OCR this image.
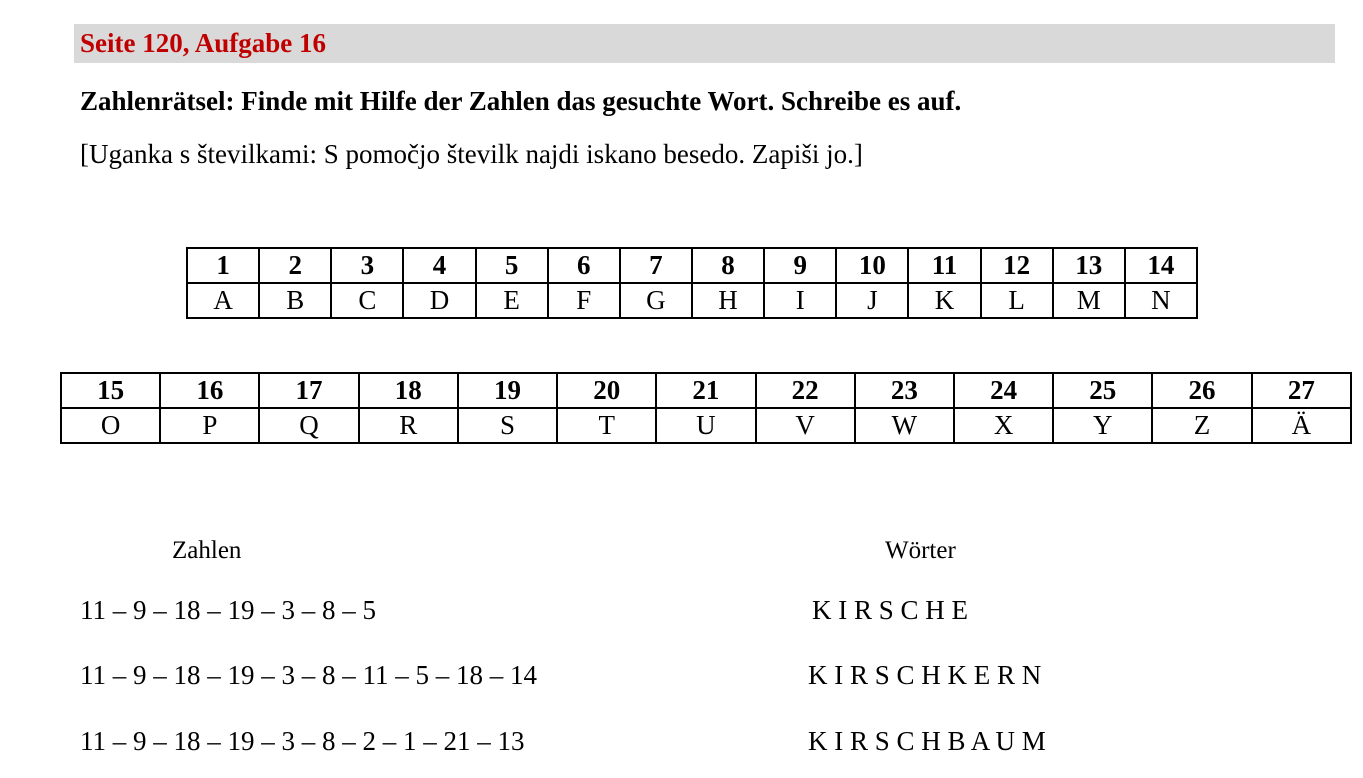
Seite 120, Aufgabe 16
Zahlenrätsel: Finde mit Hilfe der Zahlen das gesuchte Wort. Schreibe es auf.
[Uganka s številkami: S pomočjo številk najdi iskano besedo. Zapiši jo.]
1	2	3	4	5	6	7	8	9	10	11	12	13	14
A	B	C	D	E	F	G	H	I	J	K	L	M	N
15	16	17	18	19	20	21	22	23	24	25	26	27
O	P	Q	R	S	T	U	V	W	X	Y	Z	Ä
Zahlen	Wörter
11 – 9 – 18 – 19 – 3 – 8 – 5	K I R S C H E
11 – 9 – 18 – 19 – 3 – 8 – 11 – 5 – 18 – 14	K I R S C H K E R N
11 – 9 – 18 – 19 – 3 – 8 – 2 – 1 – 21 – 13	K I R S C H B A U M
